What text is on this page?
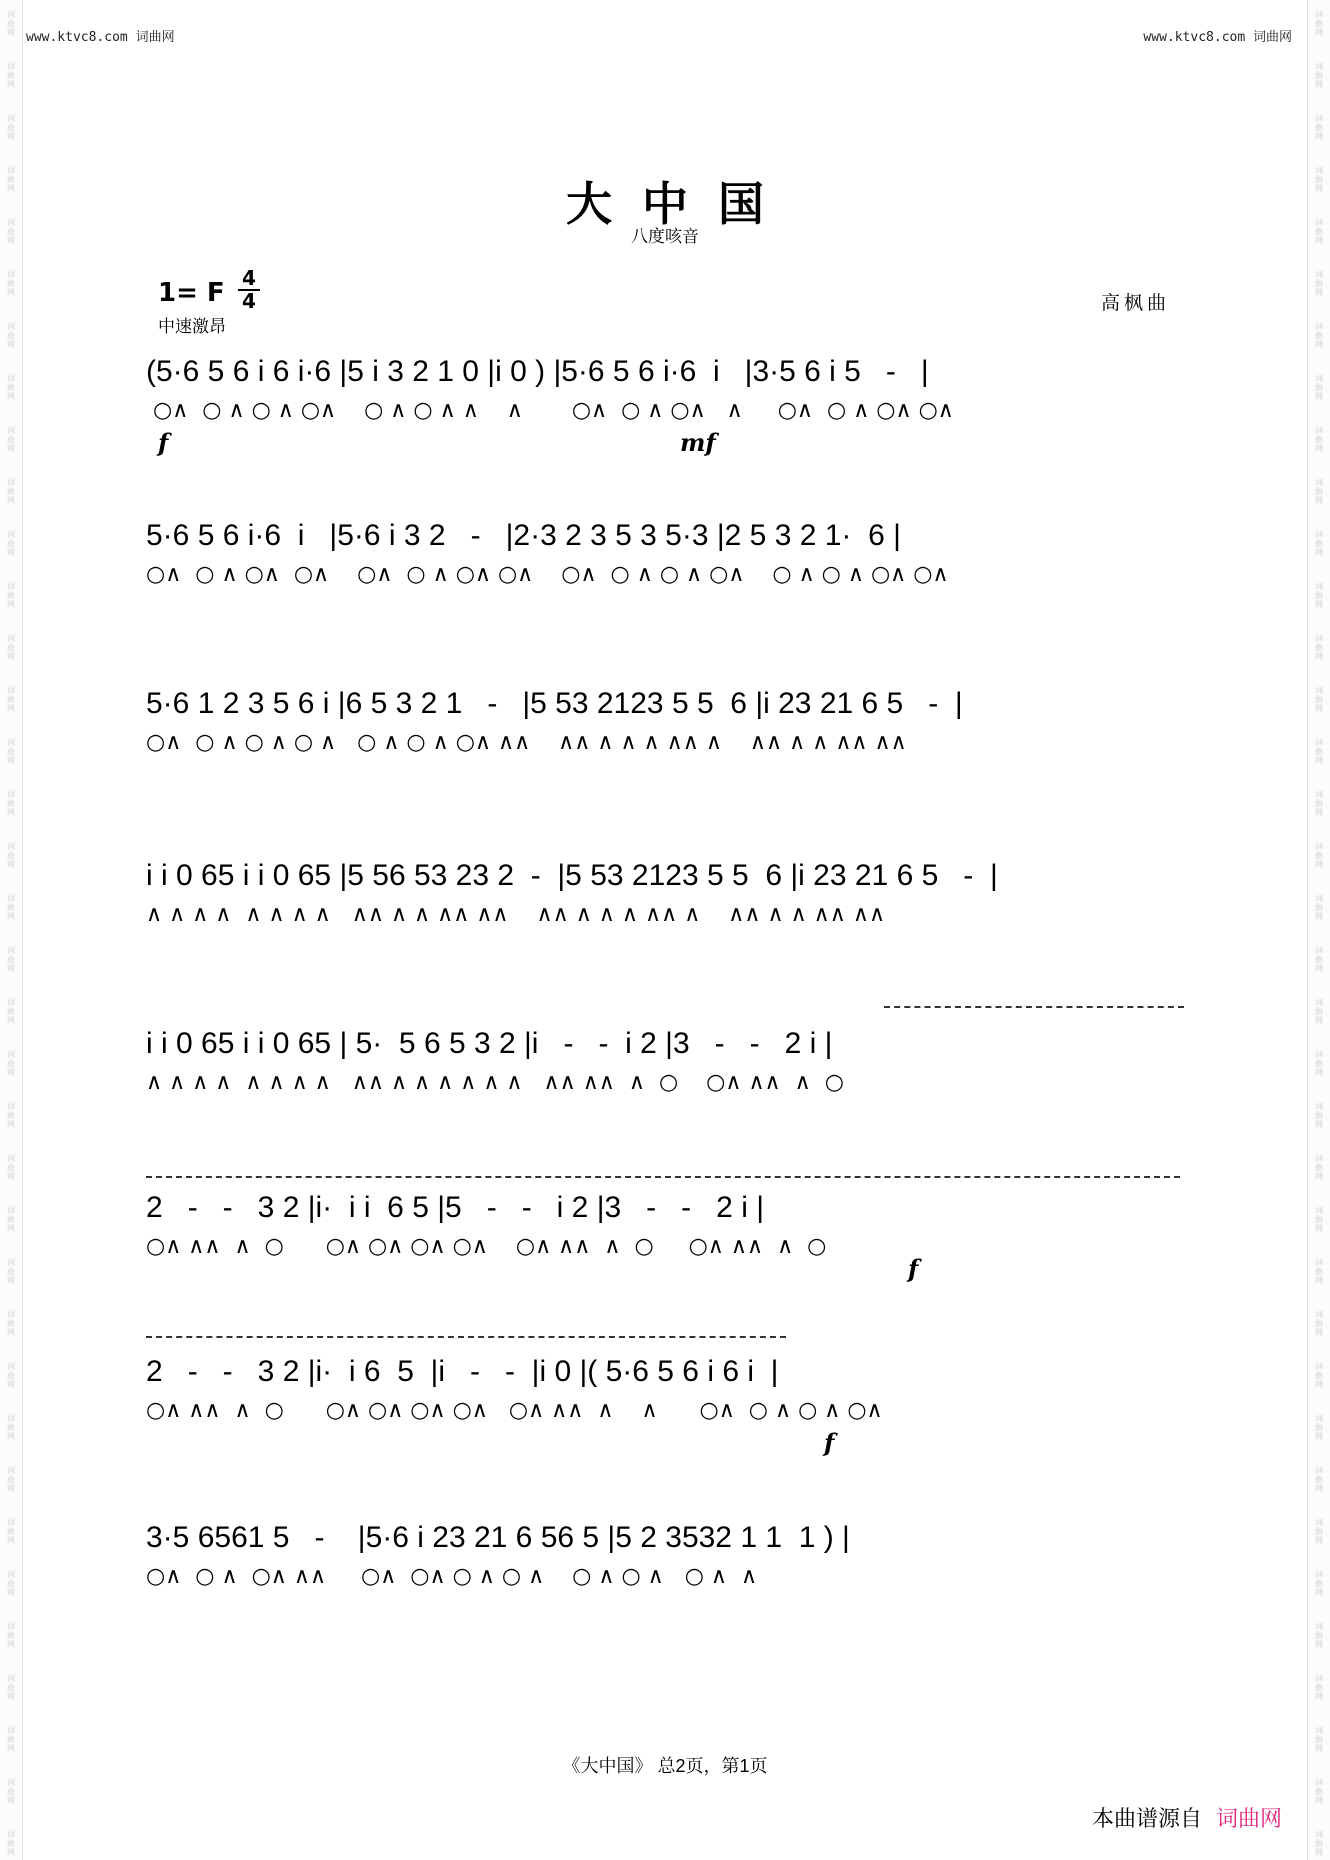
词
曲
网
词
曲
网
词
曲
网
词
曲
网
词
曲
网
词
曲
网
词
曲
网
词
曲
网
词
曲
网
词
曲
网
词
曲
网
词
曲
网
词
曲
网
词
曲
网
词
曲
网
词
曲
网
词
曲
网
词
曲
网
词
曲
网
词
曲
网
词
曲
网
词
曲
网
词
曲
网
词
曲
网
词
曲
网
词
曲
网
词
曲
网
词
曲
网
词
曲
网
词
曲
网
词
曲
网
词
曲
网
词
曲
网
词
曲
网
词
曲
网
词
曲
网
词
曲
网
词
曲
网
词
曲
网
词
曲
网
词
曲
网
词
曲
网
词
曲
网
词
曲
网
词
曲
网
词
曲
网
词
曲
网
词
曲
网
词
曲
网
词
曲
网
词
曲
网
词
曲
网
词
曲
网
词
曲
网
词
曲
网
词
曲
网
词
曲
网
词
曲
网
词
曲
网
词
曲
网
词
曲
网
词
曲
网
词
曲
网
词
曲
网
词
曲
网
词
曲
网
词
曲
网
词
曲
网
词
曲
网
词
曲
网
词
曲
网
词
曲
网
www.ktvc8.com 词曲网	www.ktvc8.com 词曲网
大中国
八度咳音
1= F 4
4
中速激昂
高枫曲
(5·6 5 6 i 6 i·6 |5 i 3 2 1 0 |i 0 ) |5·6 5 6 i·6  i   |3·5 6 i 5   -   |
○∧  ○ ∧ ○ ∧ ○∧    ○ ∧ ○ ∧ ∧    ∧       ○∧  ○ ∧ ○∧   ∧     ○∧  ○ ∧ ○∧ ○∧
f	mf
5·6 5 6 i·6  i   |5·6 i 3 2   -   |2·3 2 3 5 3 5·3 |2 5 3 2 1·  6 |
○∧  ○ ∧ ○∧  ○∧    ○∧  ○ ∧ ○∧ ○∧    ○∧  ○ ∧ ○ ∧ ○∧    ○ ∧ ○ ∧ ○∧ ○∧
5·6 1 2 3 5 6 i |6 5 3 2 1   -   |5 53 2123 5 5  6 |i 23 21 6 5   -  |
○∧  ○ ∧ ○ ∧ ○ ∧   ○ ∧ ○ ∧ ○∧ ∧∧    ∧∧ ∧ ∧ ∧ ∧∧ ∧    ∧∧ ∧ ∧ ∧∧ ∧∧
i i 0 65 i i 0 65 |5 56 53 23 2  -  |5 53 2123 5 5  6 |i 23 21 6 5   -  |
∧ ∧ ∧ ∧  ∧ ∧ ∧ ∧   ∧∧ ∧ ∧ ∧∧ ∧∧    ∧∧ ∧ ∧ ∧ ∧∧ ∧    ∧∧ ∧ ∧ ∧∧ ∧∧
i i 0 65 i i 0 65 | 5·  5 6 5 3 2 |i   -   -  i 2 |3   -   -   2 i |
∧ ∧ ∧ ∧  ∧ ∧ ∧ ∧   ∧∧ ∧ ∧ ∧ ∧ ∧ ∧   ∧∧ ∧∧  ∧  ○    ○∧ ∧∧  ∧  ○
2   -   -   3 2 |i·  i i  6 5 |5   -   -   i 2 |3   -   -   2 i |
○∧ ∧∧  ∧  ○      ○∧ ○∧ ○∧ ○∧    ○∧ ∧∧  ∧  ○     ○∧ ∧∧  ∧  ○
f
2   -   -   3 2 |i·  i 6  5  |i   -   -  |i 0 |( 5·6 5 6 i 6 i  |
○∧ ∧∧  ∧  ○      ○∧ ○∧ ○∧ ○∧   ○∧ ∧∧  ∧    ∧      ○∧  ○ ∧ ○ ∧ ○∧
f
3·5 6561 5   -    |5·6 i 23 21 6 56 5 |5 2 3532 1 1  1 ) |
○∧  ○ ∧  ○∧ ∧∧     ○∧  ○∧ ○ ∧ ○ ∧    ○ ∧ ○ ∧   ○ ∧  ∧
《大中国》 总2页，第1页
本曲谱源自 词曲网
